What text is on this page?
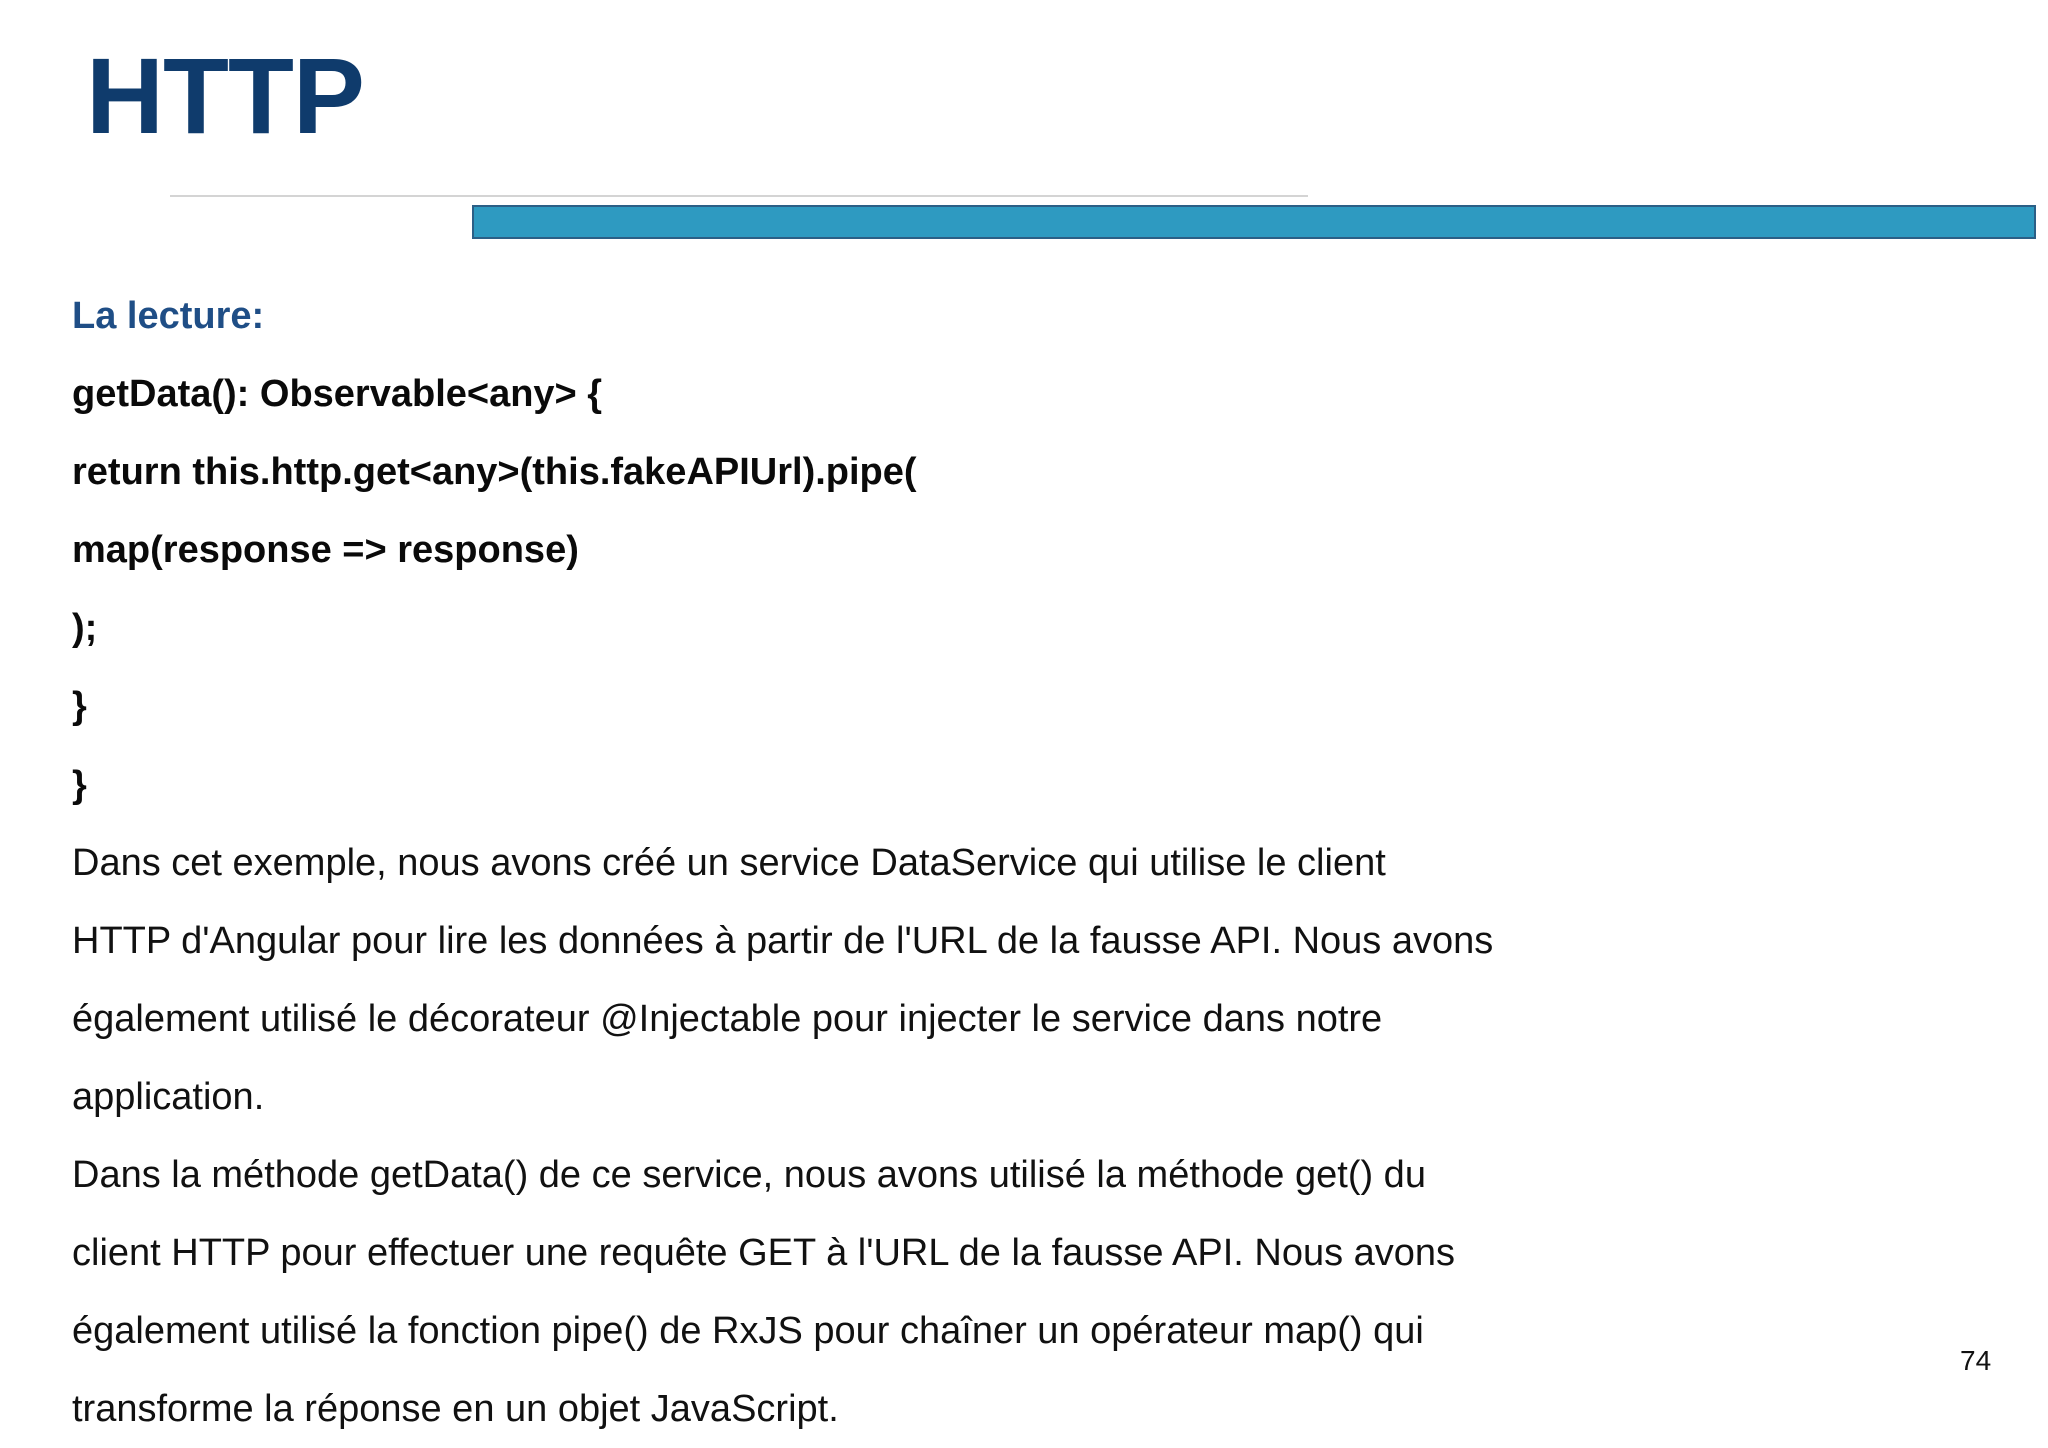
HTTP
La lecture:
getData(): Observable<any> {
return this.http.get<any>(this.fakeAPIUrl).pipe(
map(response => response)
);
}
}
Dans cet exemple, nous avons créé un service DataService qui utilise le client
HTTP d'Angular pour lire les données à partir de l'URL de la fausse API. Nous avons
également utilisé le décorateur @Injectable pour injecter le service dans notre
application.
Dans la méthode getData() de ce service, nous avons utilisé la méthode get() du
client HTTP pour effectuer une requête GET à l'URL de la fausse API. Nous avons
également utilisé la fonction pipe() de RxJS pour chaîner un opérateur map() qui
transforme la réponse en un objet JavaScript.
74
